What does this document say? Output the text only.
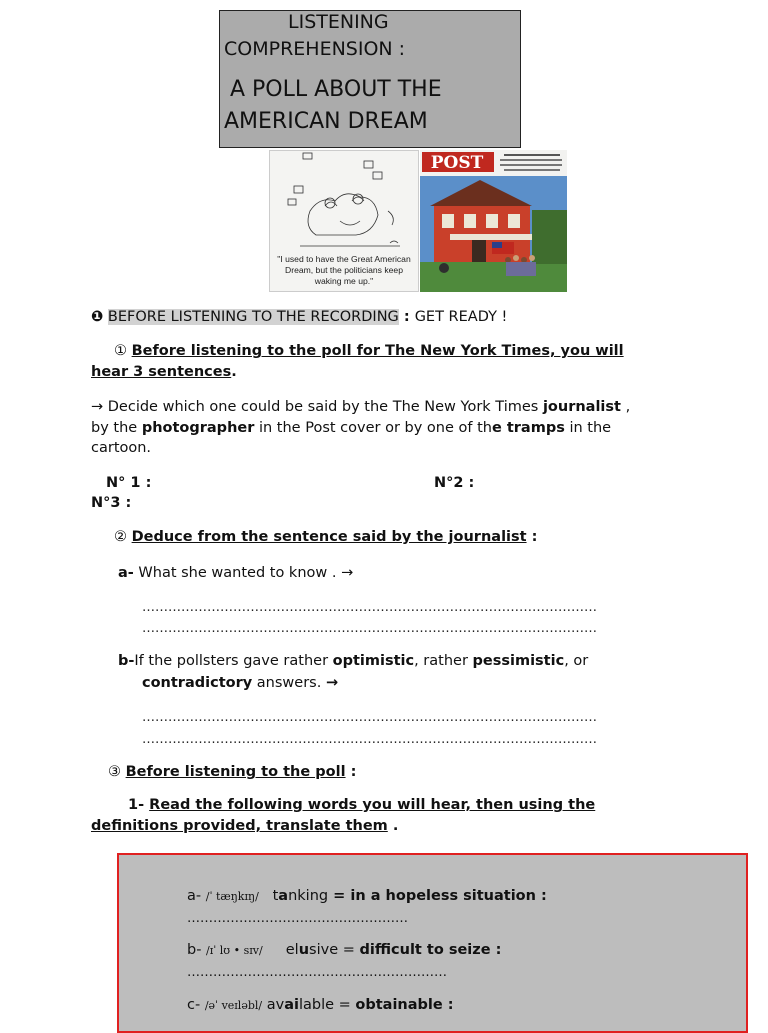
LISTENING
COMPREHENSION :
A POLL ABOUT THE
AMERICAN DREAM
"I used to have the Great American Dream, but the politicians keep waking me up."
POST
❶ BEFORE LISTENING TO THE RECORDING : GET READY !
① Before listening to the poll for The New York Times, you will
hear 3 sentences.
→ Decide which one could be said by the The New York Times journalist ,
by the photographer in the Post cover or by one of the tramps in the
cartoon.
N° 1 :	N°2 :
N°3 :
② Deduce from the sentence said by the journalist :
a- What she wanted to know . →
……………………………………………………………………………………………
……………………………………………………………………………………………
b-If the pollsters gave rather optimistic, rather pessimistic, or
contradictory answers. →
……………………………………………………………………………………………
……………………………………………………………………………………………
③ Before listening to the poll :
1- Read the following words you will hear, then using the
definitions provided, translate them .
a- /ˈ tæŋkɪŋ/ tanking = in a hopeless situation :
……………………………………………
b- /ɪˈ lʊ • sɪv/ elusive = difficult to seize :
……………………………………………………
c- /əˈ veɪləbl/ available = obtainable :
